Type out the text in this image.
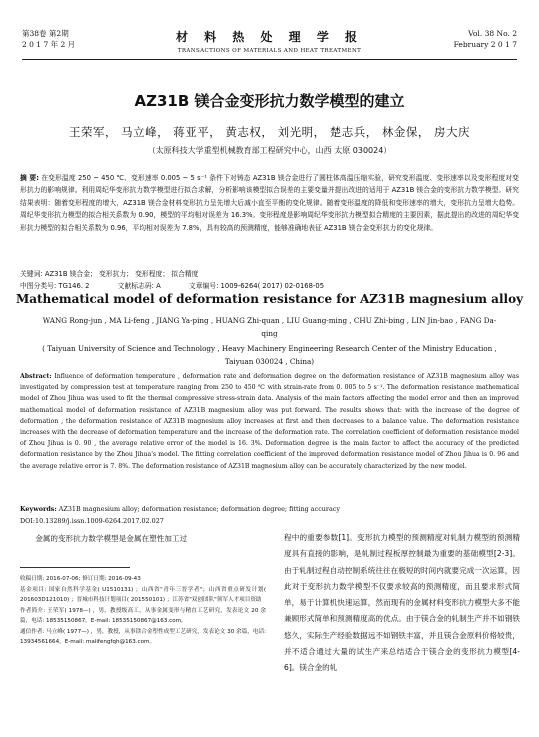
第38卷 第2期
2 0 1 7 年 2 月
材 料 热 处 理 学 报
TRANSACTIONS OF MATERIALS AND HEAT TREATMENT
Vol. 38 No. 2
February 2 0 1 7
AZ31B 镁合金变形抗力数学模型的建立
王荣军， 马立峰， 蒋亚平， 黄志权， 刘光明， 楚志兵， 林金保， 房大庆
（太原科技大学重型机械教育部工程研究中心，山西 太原 030024）
摘 要: 在变形温度 250 ~ 450 ℃、变形速率 0.005 ~ 5 s⁻¹ 条件下对铸态 AZ31B 镁合金进行了圆柱体高温压缩实验，研究变形温度、变形速率以及变形程度对变形抗力的影响规律。利用周纪华变形抗力数学模型进行拟合求解，分析影响该模型拟合误差的主要变量并提出改进的适用于 AZ31B 镁合金的变形抗力数学模型。研究结果表明：随着变形程度的增大，AZ31B 镁合金材料变形抗力呈先增大后减小直至平衡的变化规律。随着变形温度的降低和变形速率的增大，变形抗力呈增大趋势。周纪华变形抗力模型的拟合相关系数为 0.90，模型的平均相对误差为 16.3%。变形程度是影响周纪华变形抗力模型拟合精度的主要因素，据此提出的改进的周纪华变形抗力模型的拟合相关系数为 0.96，平均相对误差为 7.8%，具有较高的预测精度，能够准确地表征 AZ31B 镁合金变形抗力的变化规律。
关键词: AZ31B 镁合金； 变形抗力； 变形程度； 拟合精度
中图分类号: TG146. 2	文献标志码: A	文章编号: 1009-6264( 2017) 02-0168-05
Mathematical model of deformation resistance for AZ31B magnesium alloy
WANG Rong-jun , MA Li-feng , JIANG Ya-ping , HUANG Zhi-quan , LIU Guang-ming , CHU Zhi-bing , LIN Jin-bao , FANG Da-qing
( Taiyuan University of Science and Technology , Heavy Machinery Engineering Research Center of the Ministry Education , Taiyuan 030024 , China)
Abstract: Influence of deformation temperature , deformation rate and deformation degree on the deformation resistance of AZ31B magnesium alloy was investigated by compression test at temperature ranging from 250 to 450 ℃ with strain-rate from 0. 005 to 5 s⁻¹. The deformation resistance mathematical model of Zhou Jihua was used to fit the thermal compressive stress-strain data. Analysis of the main factors affecting the model error and then an improved mathematical model of deformation resistance of AZ31B magnesium alloy was put forward. The results shows that: with the increase of the degree of deformation , the deformation resistance of AZ31B magnesium alloy increases at first and then decreases to a balance value. The deformation resistance increases with the decrease of deformation temperature and the increase of the deformation rate. The correlation coefficient of deformation resistance model of Zhou Jihua is 0. 90 , the average relative error of the model is 16. 3%. Deformation degree is the main factor to affect the accuracy of the predicted deformation resistance by the Zhou Jihua's model. The fitting correlation coefficient of the improved deformation resistance model of Zhou Jihua is 0. 96 and the average relative error is 7. 8%. The deformation resistance of AZ31B magnesium alloy can be accurately characterized by the new model.
Keywords: AZ31B magnesium alloy; deformation resistance; deformation degree; fitting accuracy
DOI:10.13289/j.issn.1009-6264.2017.02.027

金属的变形抗力数学模型是金属在塑性加工过

收稿日期: 2016-07-06; 修订日期: 2016-09-43

基金项目: 国家自然科学基金( U1510131) ；山西省"青年三晋学者"；山西省重点研发计划( 201603D121010) ；晋城市科技计划项目( 201550101) ；江苏省"双创团队"领军人才项目资助

作者简介: 王荣军( 1978—) ，男，教授级高工，从事金属变形与精直工艺研究，发表论文 20 余篇，电话: 18535150867，E-mail: 18535150867@163.com。

通信作者: 马立峰( 1977—) ，男，教授，从事镁合金塑性成型工艺研究，发表论文 30 余篇，电话: 13934561664，E-mail: malifengfqh@163.com。

程中的重要参数[1]。变形抗力模型的预测精度对轧制力模型的预测精度具有直接的影响，是轧制过程板厚控制最为重要的基础模型[2-3]。由于轧制过程自动控制系统往往在极短的时间内就要完成一次运算，因此对于变形抗力数学模型不仅要求较高的预测精度，而且要求形式简单，易于计算机快速运算，然而现有的金属材料变形抗力模型大多不能兼顾形式简单和预测精度高的优点。由于镁合金的轧制生产并不如钢铁悠久，实际生产经验数据远不如钢铁丰富，并且镁合金原料价格较贵，并不适合通过大量的试生产来总结适合于镁合金的变形抗力模型[4-6]。镁合金的轧
